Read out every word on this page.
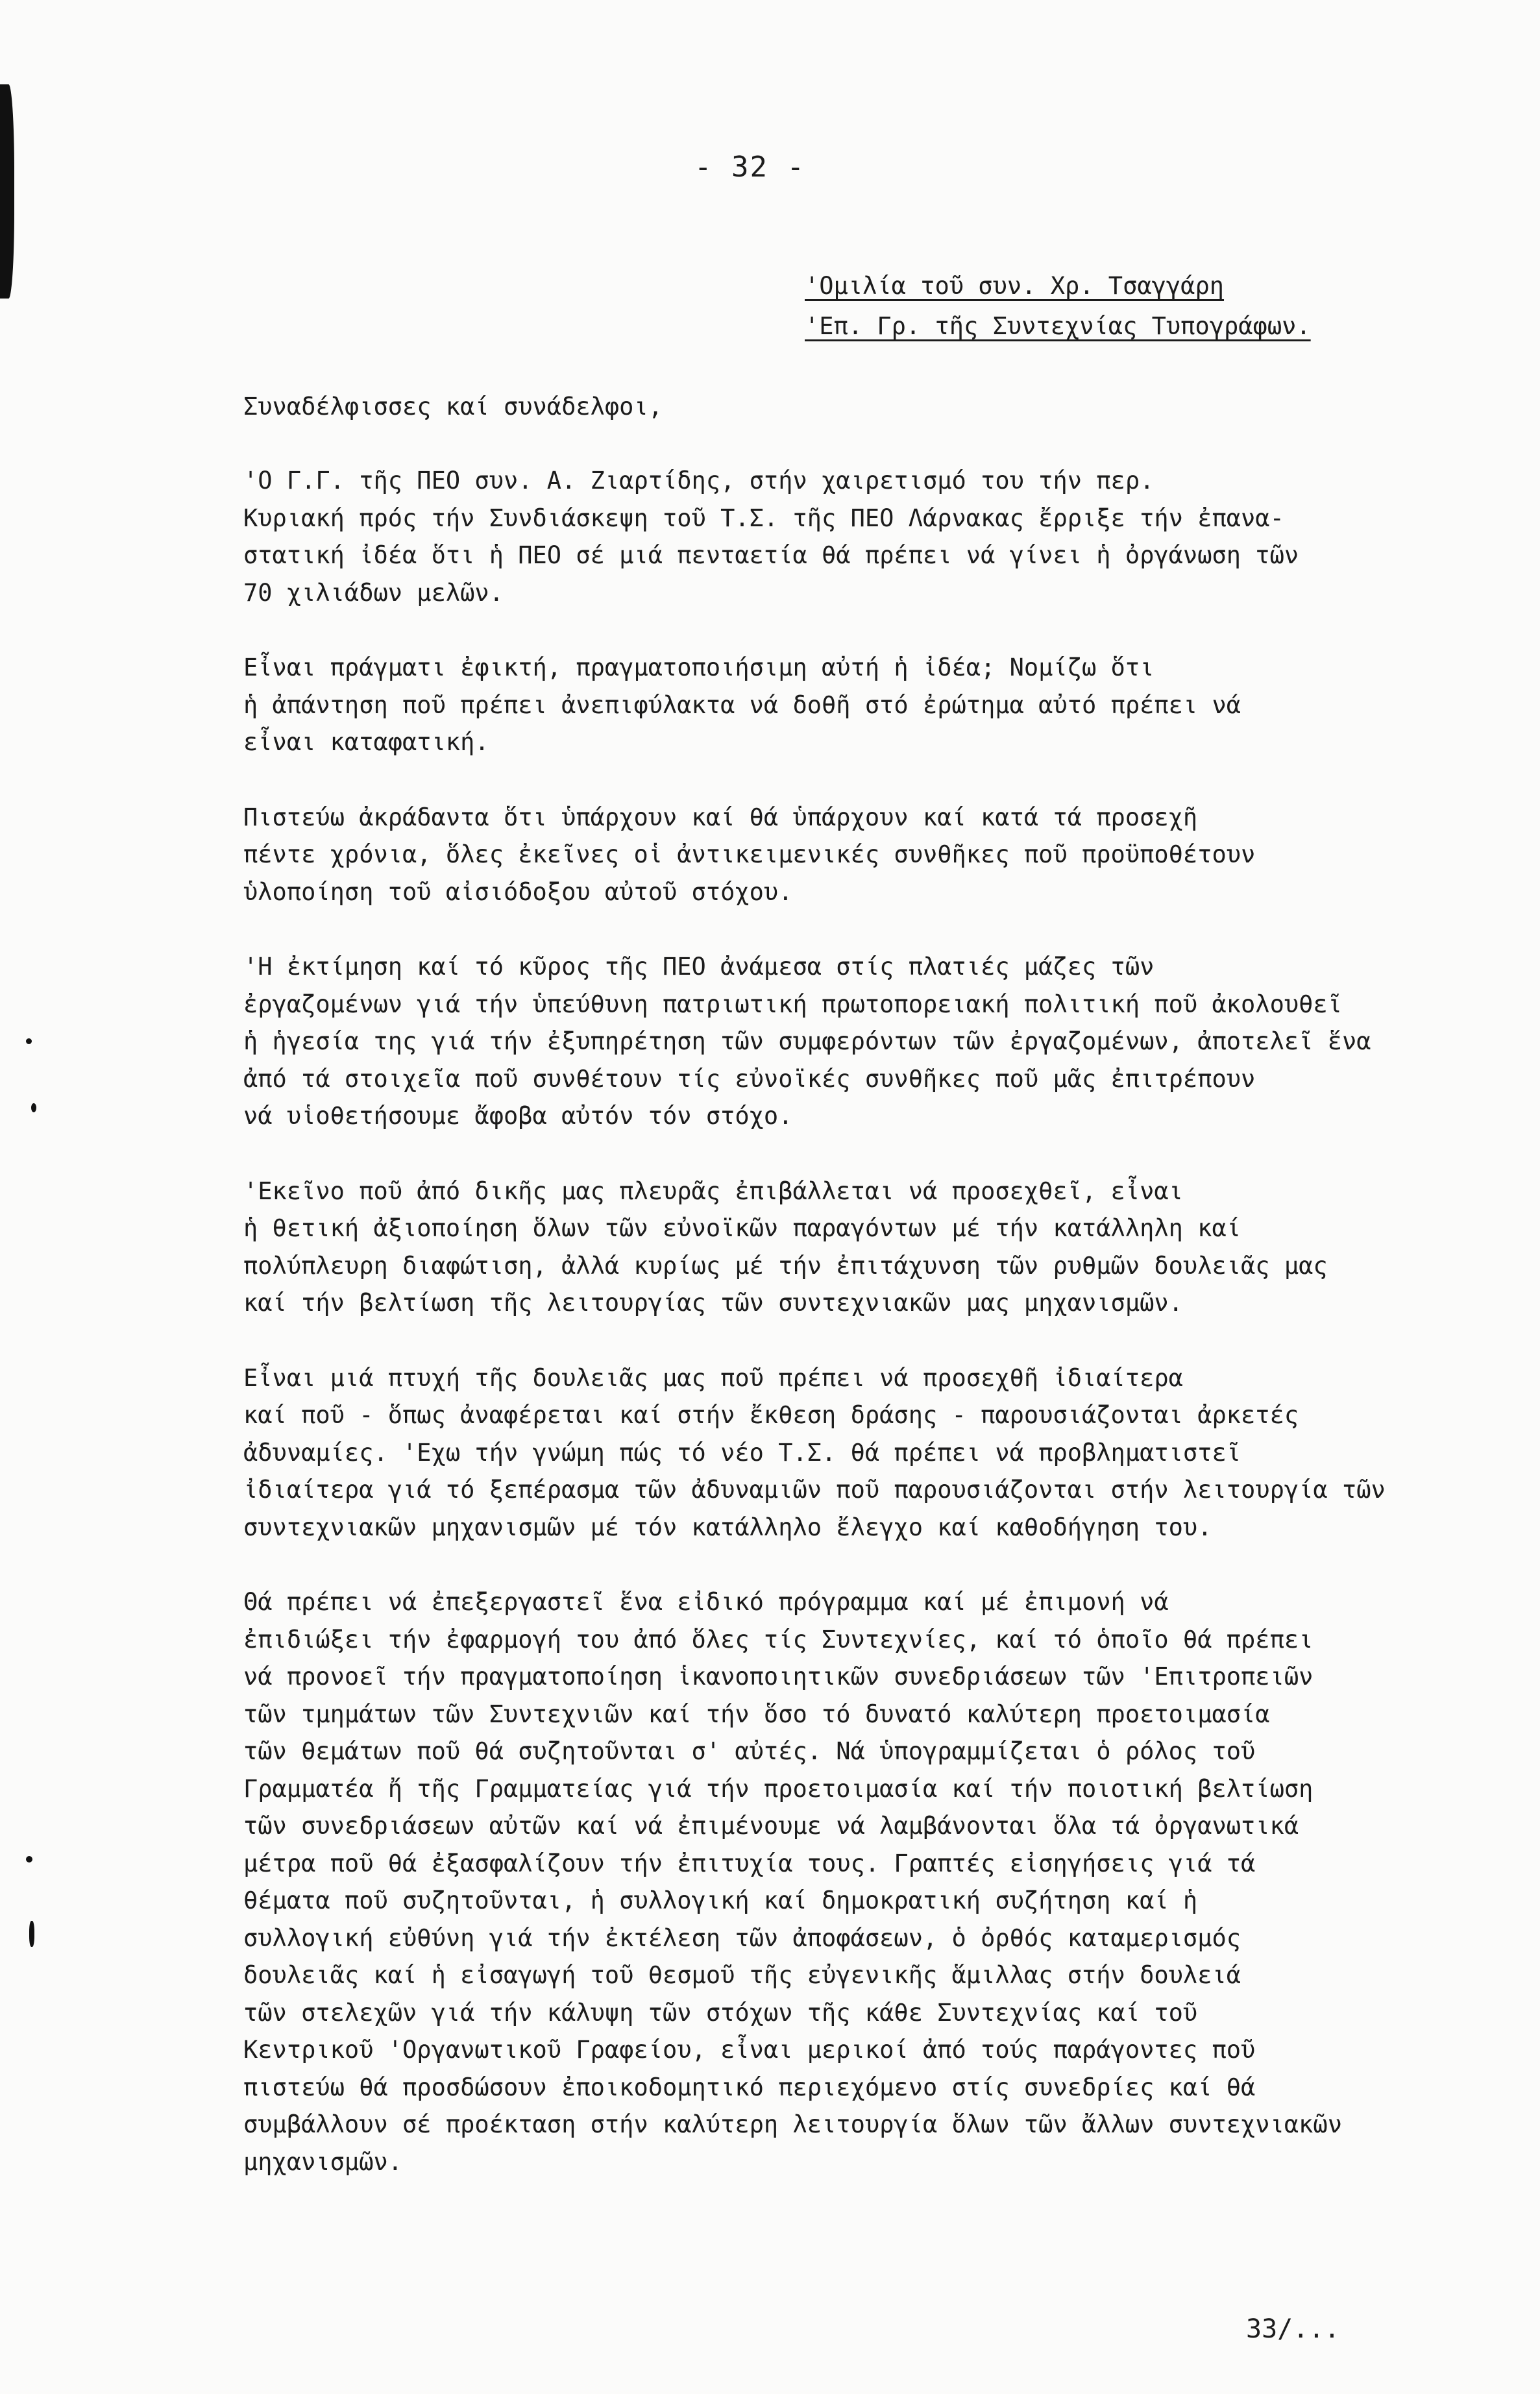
- 32 -
'Ομιλία τοῦ συν. Χρ. Τσαγγάρη
'Επ. Γρ. τῆς Συντεχνίας Τυπογράφων.
Συναδέλφισσες καί συνάδελφοι,

'Ο Γ.Γ. τῆς ΠΕΟ συν. Α. Ζιαρτίδης, στήν χαιρετισμό του τήν περ.
Κυριακή πρός τήν Συνδιάσκεψη τοῦ Τ.Σ. τῆς ΠΕΟ Λάρνακας ἔρριξε τήν ἐπανα-
στατική ἰδέα ὅτι ἡ ΠΕΟ σέ μιά πενταετία θά πρέπει νά γίνει ἡ ὀργάνωση τῶν
70 χιλιάδων μελῶν.

Εἶναι πράγματι ἐφικτή, πραγματοποιήσιμη αὐτή ἡ ἰδέα; Νομίζω ὅτι
ἡ ἀπάντηση ποῦ πρέπει ἀνεπιφύλακτα νά δοθῆ στό ἐρώτημα αὐτό πρέπει νά
εἶναι καταφατική.

Πιστεύω ἀκράδαντα ὅτι ὑπάρχουν καί θά ὑπάρχουν καί κατά τά προσεχῆ
πέντε χρόνια, ὅλες ἐκεῖνες οἱ ἀντικειμενικές συνθῆκες ποῦ προϋποθέτουν
ὑλοποίηση τοῦ αἰσιόδοξου αὐτοῦ στόχου.

'Η ἐκτίμηση καί τό κῦρος τῆς ΠΕΟ ἀνάμεσα στίς πλατιές μάζες τῶν
ἐργαζομένων γιά τήν ὑπεύθυνη πατριωτική πρωτοπορειακή πολιτική ποῦ ἀκολουθεῖ
ἡ ἡγεσία της γιά τήν ἐξυπηρέτηση τῶν συμφερόντων τῶν ἐργαζομένων, ἀποτελεῖ ἕνα
ἀπό τά στοιχεῖα ποῦ συνθέτουν τίς εὐνοϊκές συνθῆκες ποῦ μᾶς ἐπιτρέπουν
νά υἱοθετήσουμε ἄφοβα αὐτόν τόν στόχο.

'Εκεῖνο ποῦ ἀπό δικῆς μας πλευρᾶς ἐπιβάλλεται νά προσεχθεῖ, εἶναι
ἡ θετική ἀξιοποίηση ὅλων τῶν εὐνοϊκῶν παραγόντων μέ τήν κατάλληλη καί
πολύπλευρη διαφώτιση, ἀλλά κυρίως μέ τήν ἐπιτάχυνση τῶν ρυθμῶν δουλειᾶς μας
καί τήν βελτίωση τῆς λειτουργίας τῶν συντεχνιακῶν μας μηχανισμῶν.

Εἶναι μιά πτυχή τῆς δουλειᾶς μας ποῦ πρέπει νά προσεχθῆ ἰδιαίτερα
καί ποῦ - ὅπως ἀναφέρεται καί στήν ἔκθεση δράσης - παρουσιάζονται ἀρκετές
ἀδυναμίες. 'Εχω τήν γνώμη πώς τό νέο Τ.Σ. θά πρέπει νά προβληματιστεῖ
ἰδιαίτερα γιά τό ξεπέρασμα τῶν ἀδυναμιῶν ποῦ παρουσιάζονται στήν λειτουργία τῶν
συντεχνιακῶν μηχανισμῶν μέ τόν κατάλληλο ἔλεγχο καί καθοδήγηση του.

Θά πρέπει νά ἐπεξεργαστεῖ ἕνα εἰδικό πρόγραμμα καί μέ ἐπιμονή νά
ἐπιδιώξει τήν ἐφαρμογή του ἀπό ὅλες τίς Συντεχνίες, καί τό ὁποῖο θά πρέπει
νά προνοεῖ τήν πραγματοποίηση ἱκανοποιητικῶν συνεδριάσεων τῶν 'Επιτροπειῶν
τῶν τμημάτων τῶν Συντεχνιῶν καί τήν ὅσο τό δυνατό καλύτερη προετοιμασία
τῶν θεμάτων ποῦ θά συζητοῦνται σ' αὐτές. Νά ὑπογραμμίζεται ὁ ρόλος τοῦ
Γραμματέα ἤ τῆς Γραμματείας γιά τήν προετοιμασία καί τήν ποιοτική βελτίωση
τῶν συνεδριάσεων αὐτῶν καί νά ἐπιμένουμε νά λαμβάνονται ὅλα τά ὀργανωτικά
μέτρα ποῦ θά ἐξασφαλίζουν τήν ἐπιτυχία τους. Γραπτές εἰσηγήσεις γιά τά
θέματα ποῦ συζητοῦνται, ἡ συλλογική καί δημοκρατική συζήτηση καί ἡ
συλλογική εὐθύνη γιά τήν ἐκτέλεση τῶν ἀποφάσεων, ὁ ὀρθός καταμερισμός
δουλειᾶς καί ἡ εἰσαγωγή τοῦ θεσμοῦ τῆς εὐγενικῆς ἅμιλλας στήν δουλειά
τῶν στελεχῶν γιά τήν κάλυψη τῶν στόχων τῆς κάθε Συντεχνίας καί τοῦ
Κεντρικοῦ 'Οργανωτικοῦ Γραφείου, εἶναι μερικοί ἀπό τούς παράγοντες ποῦ
πιστεύω θά προσδώσουν ἐποικοδομητικό περιεχόμενο στίς συνεδρίες καί θά
συμβάλλουν σέ προέκταση στήν καλύτερη λειτουργία ὅλων τῶν ἄλλων συντεχνιακῶν
μηχανισμῶν.

33/...
